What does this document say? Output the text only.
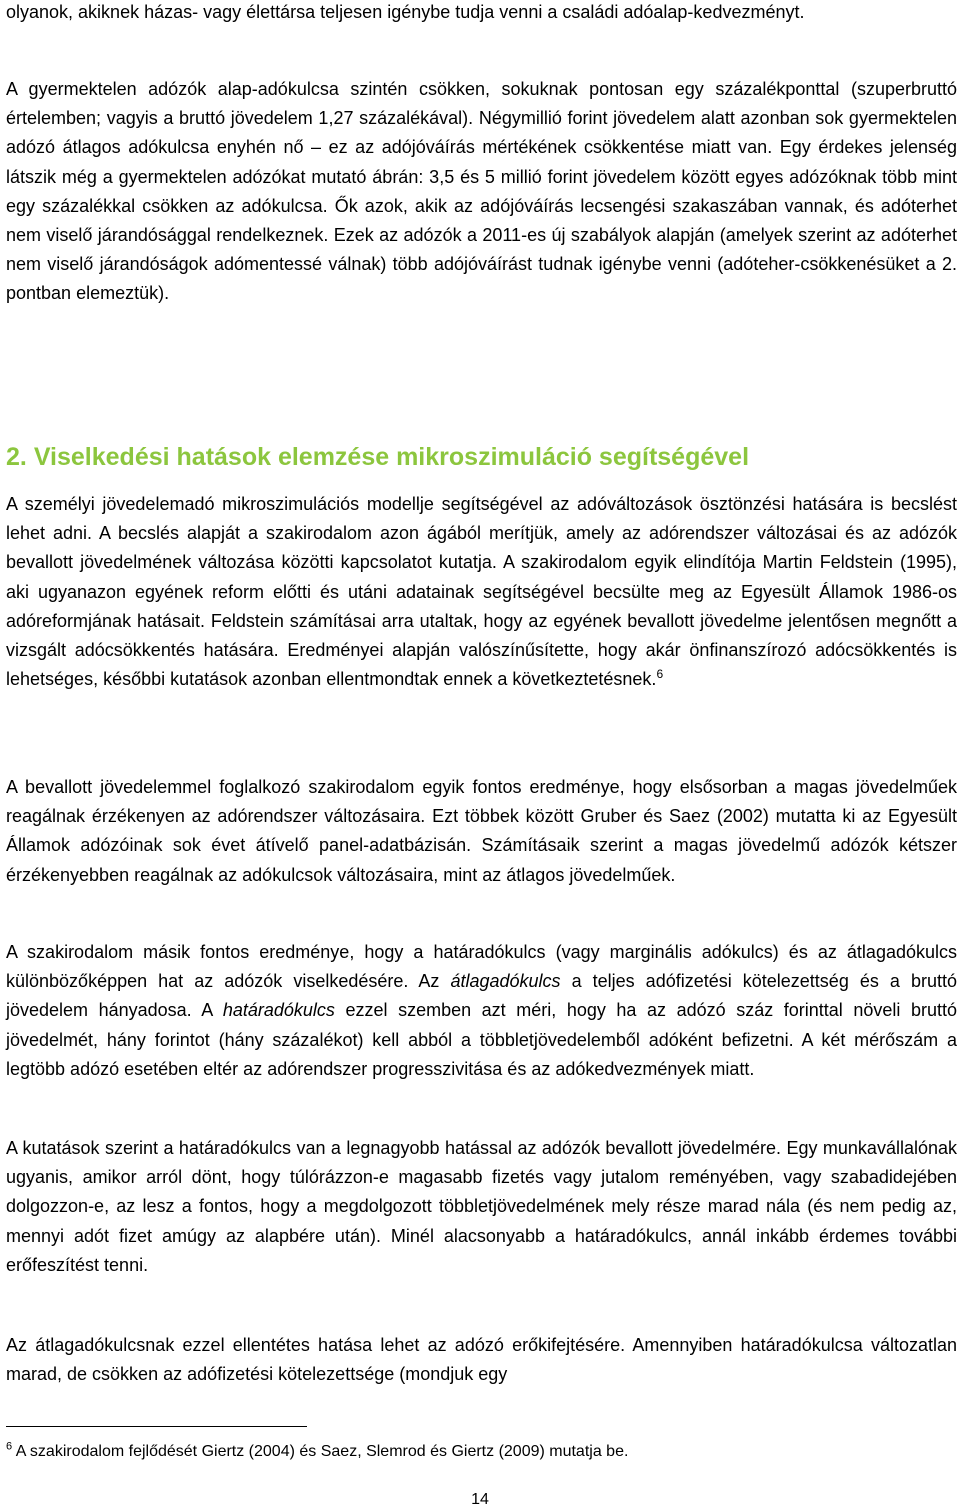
olyanok, akiknek házas- vagy élettársa teljesen igénybe tudja venni a családi adóalap-kedvezményt.

A gyermektelen adózók alap-adókulcsa szintén csökken, sokuknak pontosan egy százalékponttal (szuperbruttó értelemben; vagyis a bruttó jövedelem 1,27 százalékával). Négymillió forint jövedelem alatt azonban sok gyermektelen adózó átlagos adókulcsa enyhén nő – ez az adójóváírás mértékének csökkentése miatt van. Egy érdekes jelenség látszik még a gyermektelen adózókat mutató ábrán: 3,5 és 5 millió forint jövedelem között egyes adózóknak több mint egy százalékkal csökken az adókulcsa. Ők azok, akik az adójóváírás lecsengési szakaszában vannak, és adóterhet nem viselő járandósággal rendelkeznek. Ezek az adózók a 2011-es új szabályok alapján (amelyek szerint az adóterhet nem viselő járandóságok adómentessé válnak) több adójóváírást tudnak igénybe venni (adóteher-csökkenésüket a 2. pontban elemeztük).

2. Viselkedési hatások elemzése mikroszimuláció segítségével

A személyi jövedelemadó mikroszimulációs modellje segítségével az adóváltozások ösztönzési hatására is becslést lehet adni. A becslés alapját a szakirodalom azon ágából merítjük, amely az adórendszer változásai és az adózók bevallott jövedelmének változása közötti kapcsolatot kutatja. A szakirodalom egyik elindítója Martin Feldstein (1995), aki ugyanazon egyének reform előtti és utáni adatainak segítségével becsülte meg az Egyesült Államok 1986-os adóreformjának hatásait. Feldstein számításai arra utaltak, hogy az egyének bevallott jövedelme jelentősen megnőtt a vizsgált adócsökkentés hatására. Eredményei alapján valószínűsítette, hogy akár önfinanszírozó adócsökkentés is lehetséges, későbbi kutatások azonban ellentmondtak ennek a következtetésnek.$^6$

A bevallott jövedelemmel foglalkozó szakirodalom egyik fontos eredménye, hogy elsősorban a magas jövedelműek reagálnak érzékenyen az adórendszer változásaira. Ezt többek között Gruber és Saez (2002) mutatta ki az Egyesült Államok adózóinak sok évet átívelő panel-adatbázisán. Számításaik szerint a magas jövedelmű adózók kétszer érzékenyebben reagálnak az adókulcsok változásaira, mint az átlagos jövedelműek.

A szakirodalom másik fontos eredménye, hogy a határadókulcs (vagy marginális adókulcs) és az átlagadókulcs különbözőképpen hat az adózók viselkedésére. Az átlagadókulcs a teljes adófizetési kötelezettség és a bruttó jövedelem hányadosa. A határadókulcs ezzel szemben azt méri, hogy ha az adózó száz forinttal növeli bruttó jövedelmét, hány forintot (hány százalékot) kell abból a többletjövedelemből adóként befizetni. A két mérőszám a legtöbb adózó esetében eltér az adórendszer progresszivitása és az adókedvezmények miatt.

A kutatások szerint a határadókulcs van a legnagyobb hatással az adózók bevallott jövedelmére. Egy munkavállalónak ugyanis, amikor arról dönt, hogy túlórázzon-e magasabb fizetés vagy jutalom reményében, vagy szabadidejében dolgozzon-e, az lesz a fontos, hogy a megdolgozott többletjövedelmének mely része marad nála (és nem pedig az, mennyi adót fizet amúgy az alapbére után). Minél alacsonyabb a határadókulcs, annál inkább érdemes további erőfeszítést tenni.

Az átlagadókulcsnak ezzel ellentétes hatása lehet az adózó erőkifejtésére. Amennyiben határadókulcsa változatlan marad, de csökken az adófizetési kötelezettsége (mondjuk egy

$^6$ A szakirodalom fejlődését Giertz (2004) és Saez, Slemrod és Giertz (2009) mutatja be.

14
